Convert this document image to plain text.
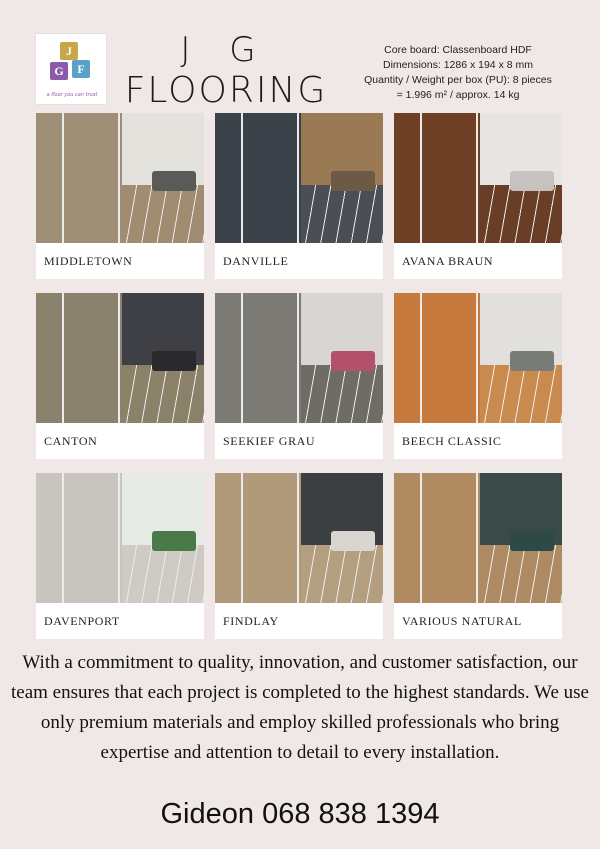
J
G	F
a floor you can trust
J G
FLOORING
Core board: Classenboard HDF
Dimensions: 1286 x 194 x 8 mm
Quantity / Weight per box (PU): 8 pieces
= 1.996 m² / approx. 14 kg
MIDDLETOWN	DANVILLE	AVANA BRAUN
CANTON	SEEKIEF GRAU	BEECH CLASSIC
DAVENPORT	FINDLAY	VARIOUS NATURAL
With a commitment to quality, innovation, and customer satisfaction, our team ensures that each project is completed to the highest standards. We use only premium materials and employ skilled professionals who bring expertise and attention to detail to every installation.
Gideon 068 838 1394
